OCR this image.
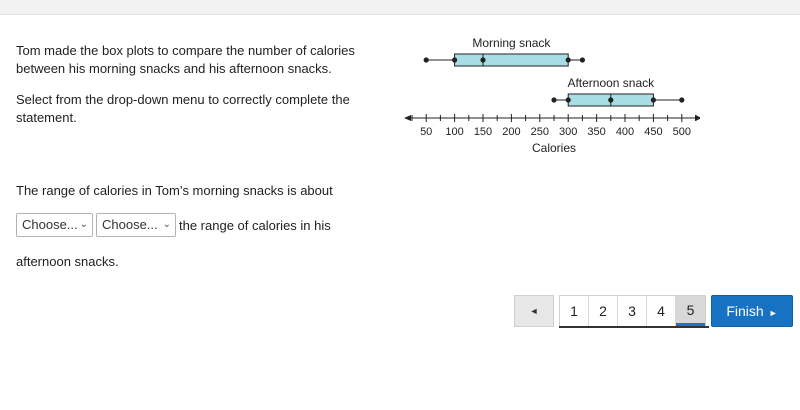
Tom made the box plots to compare the number of calories between his morning snacks and his afternoon snacks.

Select from the drop-down menu to correctly complete the statement.

Morning snack
Afternoon snack
50 100 150 200 250 300 350 400 450 500
Calories

The range of calories in Tom’s morning snacks is about

Choose... ⌄	Choose... ⌄ the range of calories in his

afternoon snacks.

◄	1	2	3	4	5	Finish ►
